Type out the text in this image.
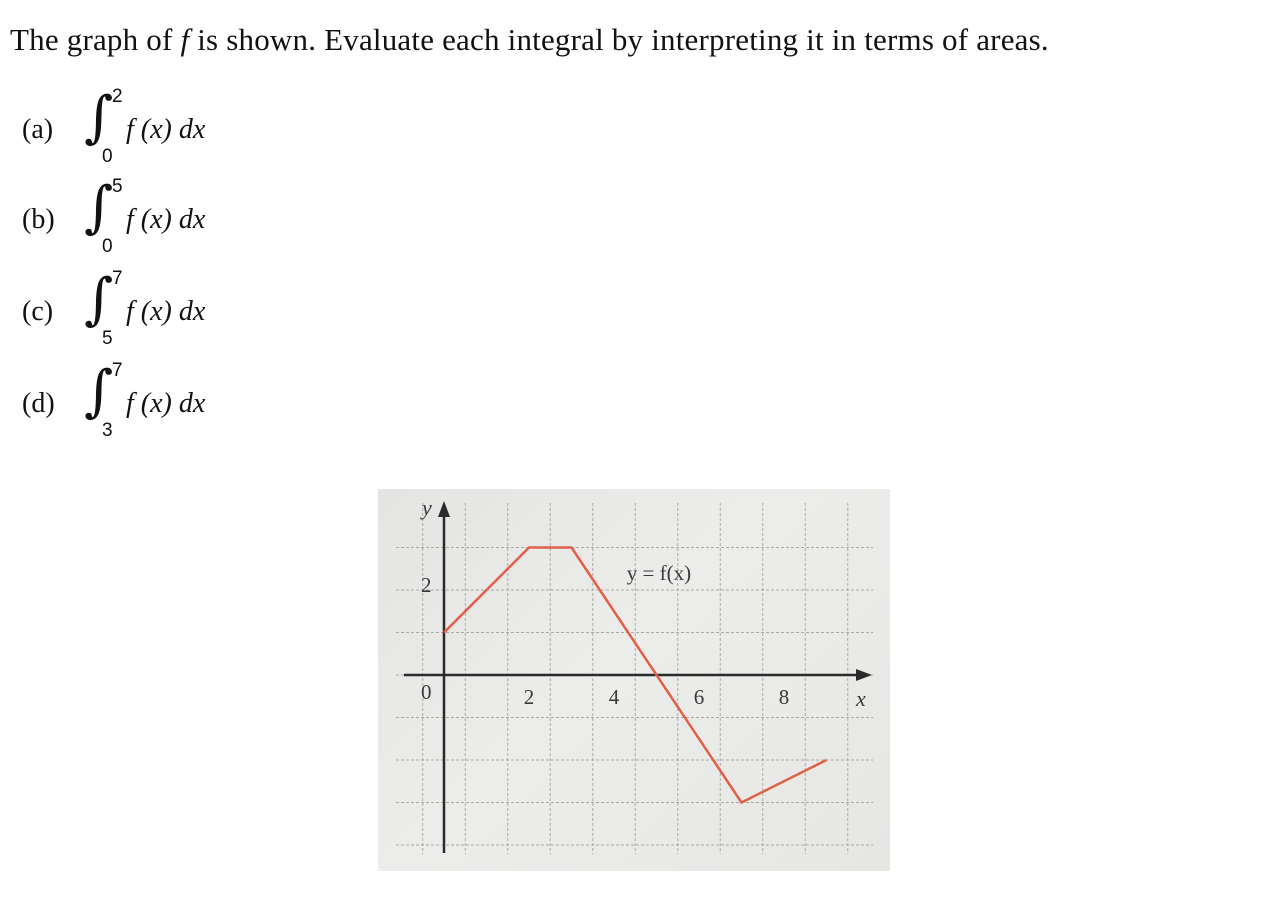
The graph of f is shown. Evaluate each integral by interpreting it in terms of areas.
(a) ∫
2
0
f (x) dx
(b) ∫
5
0
f (x) dx
(c) ∫
7
5
f (x) dx
(d) ∫
7
3
f (x) dx
y
x
0
2
2	4	6	8
y = f(x)
